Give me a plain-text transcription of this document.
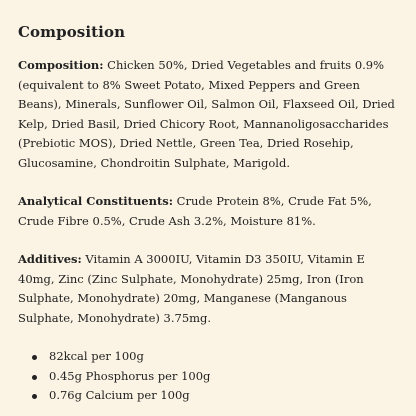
Composition

Composition: Chicken 50%, Dried Vegetables and fruits 0.9% (equivalent to 8% Sweet Potato, Mixed Peppers and Green Beans), Minerals, Sunflower Oil, Salmon Oil, Flaxseed Oil, Dried Kelp, Dried Basil, Dried Chicory Root, Mannanoligosaccharides (Prebiotic MOS), Dried Nettle, Green Tea, Dried Rosehip, Glucosamine, Chondroitin Sulphate, Marigold.

Analytical Constituents: Crude Protein 8%, Crude Fat 5%, Crude Fibre 0.5%, Crude Ash 3.2%, Moisture 81%.

Additives: Vitamin A 3000IU, Vitamin D3 350IU, Vitamin E 40mg, Zinc (Zinc Sulphate, Monohydrate) 25mg, Iron (Iron Sulphate, Monohydrate) 20mg, Manganese (Manganous Sulphate, Monohydrate) 3.75mg.

82kcal per 100g
0.45g Phosphorus per 100g
0.76g Calcium per 100g
